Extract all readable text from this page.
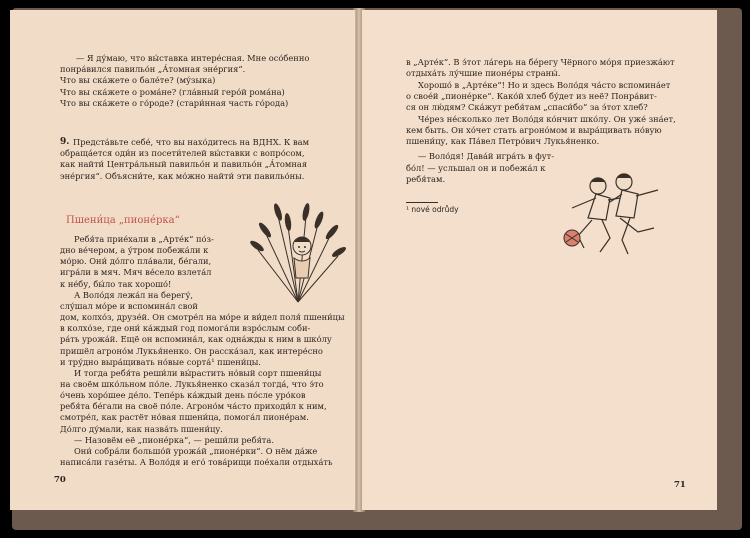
— Я ду́маю, что вы́ставка интере́сная. Мне осо́бенно
понра́вился павильо́н „А́томная эне́ргия“.
Что вы ска́жете о бале́те? (му́зыка)
Что вы ска́жете о рома́не? (гла́вный геро́й рома́на)
Что вы ска́жете о го́роде? (стари́нная часть го́рода)
9. Предста́вьте себе́, что вы нахо́дитесь на ВДНХ. К вам
обраща́ется оди́н из посети́телей вы́ставки с вопро́сом,
как найти́ Центра́льный павильо́н и павильо́н „А́томная
эне́ргия“. Объясни́те, как мо́жно найти́ эти павильо́ны.
Пшени́ца „пионе́рка“
Ребя́та прие́хали в „Арте́к“ по́з-
дно ве́чером, а у́тром побежа́ли к
мо́рю. Они́ до́лго пла́вали, бе́гали,
игра́ли в мяч. Мяч ве́село взлета́л
к не́бу, бы́ло так хорошо́!
А Воло́дя лежа́л на берегу́,
слу́шал мо́ре и вспомина́л свой
дом, колхо́з, друзе́й. Он смотре́л на мо́ре и ви́дел поля́ пшени́цы
в колхо́зе, где они́ ка́ждый год помога́ли взро́слым соби-
ра́ть урожа́й. Ещё он вспомина́л, как одна́жды к ним в шко́лу
пришёл агроно́м Лукья́ненко. Он расска́зал, как интере́сно
и тру́дно выра́щивать но́вые сорта́¹ пшени́цы.
И тогда ребя́та реши́ли вы́растить но́вый сорт пшени́цы
на своём шко́льном по́ле. Лукья́ненко сказа́л тогда́, что э́то
о́чень хоро́шее де́ло. Тепе́рь ка́ждый день по́сле уро́ков
ребя́та бе́гали на своё по́ле. Агроно́м ча́сто приходи́л к ним,
смотре́л, как растёт но́вая пшени́ца, помога́л пионе́рам.
До́лго ду́мали, как назва́ть пшени́цу.
— Назовём её „пионе́рка“, — реши́ли ребя́та.
Они́ собра́ли большо́й урожа́й „пионе́рки“. О нём да́же
написа́ли газе́ты. А Воло́дя и его́ това́рищи пое́хали отдыха́ть
70
в „Арте́к“. В э́тот ла́герь на бе́регу Чёрного мо́ря приезжа́ют
отдыха́ть лу́чшие пионе́ры страны́.
Хорошо́ в „Арте́ке“! Но и здесь Воло́дя ча́сто вспомина́ет
о свое́й „пионе́рке“. Како́й хлеб бу́дет из неё? Понра́вит-
ся он лю́дям? Ска́жут ребя́там „спаси́бо“ за э́тот хлеб?
Че́рез не́сколько лет Воло́дя ко́нчит шко́лу. Он уже́ зна́ет,
кем быть. Он хо́чет стать агроно́мом и выра́щивать но́вую
пшени́цу, как Па́вел Петро́вич Лукья́ненко.
— Воло́дя! Дава́й игра́ть в фут-
бо́л! — усльшал он и побежа́л к
ребя́там.
¹ nové odrůdy
71
